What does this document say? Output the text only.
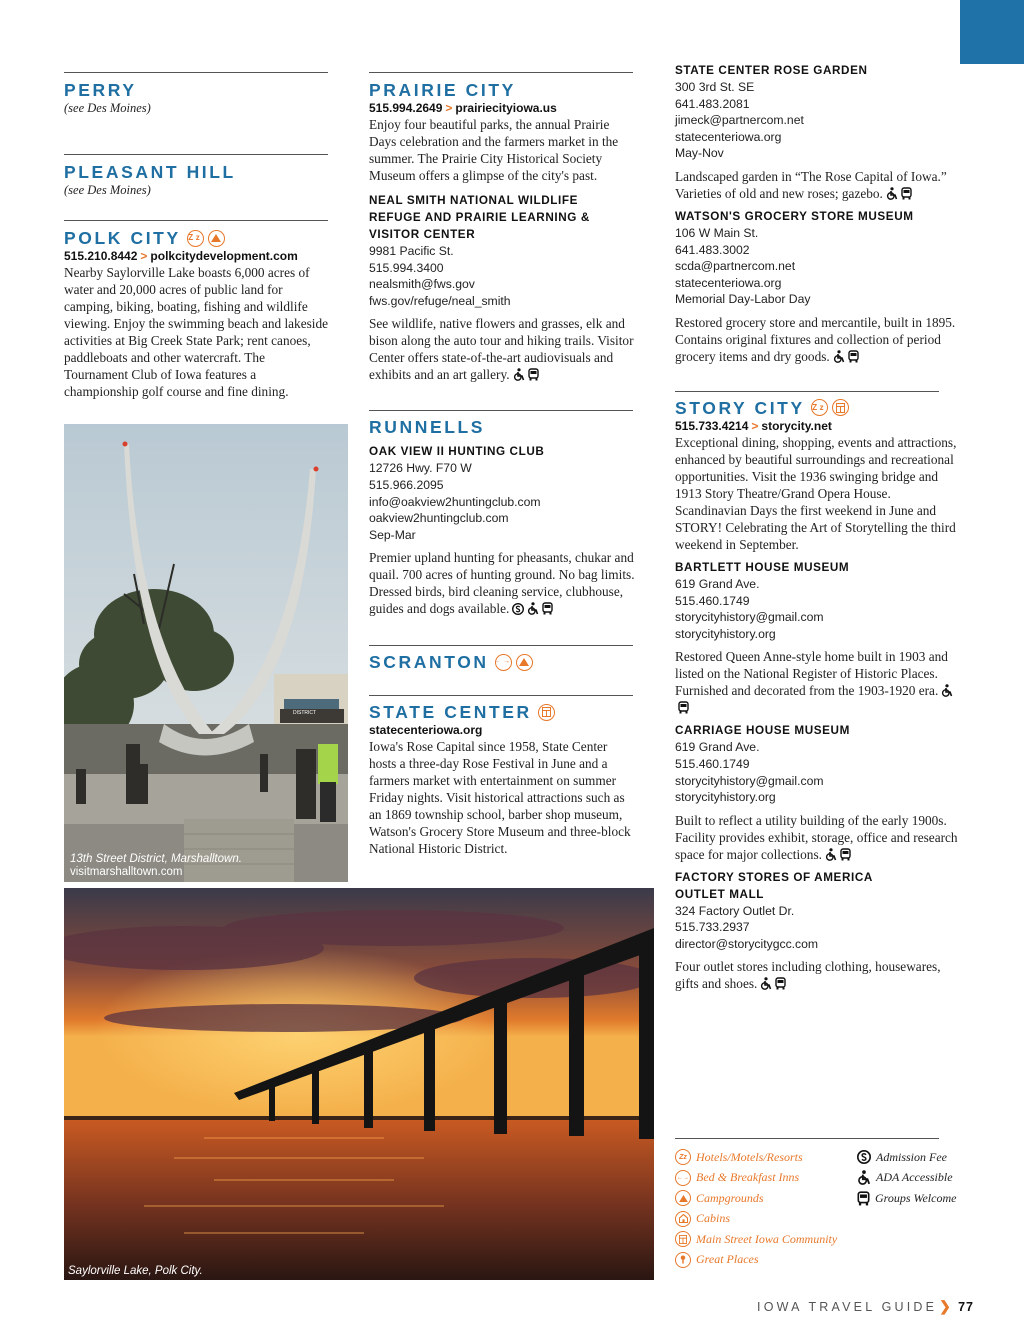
PERRY
(see Des Moines)
PLEASANT HILL
(see Des Moines)
POLK CITY Zz
515.210.8442 > polkcitydevelopment.com
Nearby Saylorville Lake boasts 6,000 acres of water and 20,000 acres of public land for camping, biking, boating, fishing and wildlife viewing. Enjoy the swimming beach and lakeside activities at Big Creek State Park; rent canoes, paddleboats and other watercraft. The Tournament Club of Iowa features a championship golf course and fine dining.
DISTRICT
13th Street District, Marshalltown.
visitmarshalltown.com
PRAIRIE CITY
515.994.2649 > prairiecityiowa.us
Enjoy four beautiful parks, the annual Prairie Days celebration and the farmers market in the summer. The Prairie City Historical Society Museum offers a glimpse of the city's past.
NEAL SMITH NATIONAL WILDLIFE
REFUGE AND PRAIRIE LEARNING &
VISITOR CENTER
9981 Pacific St.
515.994.3400
nealsmith@fws.gov
fws.gov/refuge/neal_smith
See wildlife, native flowers and grasses, elk and bison along the auto tour and hiking trails. Visitor Center offers state-of-the-art audiovisuals and exhibits and an art gallery.
RUNNELLS
OAK VIEW II HUNTING CLUB
12726 Hwy. F70 W
515.966.2095
info@oakview2huntingclub.com
oakview2huntingclub.com
Sep-Mar
Premier upland hunting for pheasants, chukar and quail. 700 acres of hunting ground. No bag limits. Dressed birds, bird cleaning service, clubhouse, guides and dogs available.
SCRANTON ←→
STATE CENTER
statecenteriowa.org
Iowa's Rose Capital since 1958, State Center hosts a three-day Rose Festival in June and a farmers market with entertainment on summer Friday nights. Visit historical attractions such as an 1869 township school, barber shop museum, Watson's Grocery Store Museum and three-block National Historic District.
STATE CENTER ROSE GARDEN
300 3rd St. SE
641.483.2081
jimeck@partnercom.net
statecenteriowa.org
May-Nov
Landscaped garden in “The Rose Capital of Iowa.” Varieties of old and new roses; gazebo.
WATSON'S GROCERY STORE MUSEUM
106 W Main St.
641.483.3002
scda@partnercom.net
statecenteriowa.org
Memorial Day-Labor Day
Restored grocery store and mercantile, built in 1895. Contains original fixtures and collection of period grocery items and dry goods.
STORY CITY Zz
515.733.4214 > storycity.net
Exceptional dining, shopping, events and attractions, enhanced by beautiful surroundings and recreational opportunities. Visit the 1936 swinging bridge and 1913 Story Theatre/Grand Opera House. Scandinavian Days the first weekend in June and STORY! Celebrating the Art of Storytelling the third weekend in September.
BARTLETT HOUSE MUSEUM
619 Grand Ave.
515.460.1749
storycityhistory@gmail.com
storycityhistory.org
Restored Queen Anne-style home built in 1903 and listed on the National Register of Historic Places. Furnished and decorated from the 1903-1920 era.
CARRIAGE HOUSE MUSEUM
619 Grand Ave.
515.460.1749
storycityhistory@gmail.com
storycityhistory.org
Built to reflect a utility building of the early 1900s. Facility provides exhibit, storage, office and research space for major collections.
FACTORY STORES OF AMERICA
OUTLET MALL
324 Factory Outlet Dr.
515.733.2937
director@storycitygcc.com
Four outlet stores including clothing, housewares, gifts and shoes.
Saylorville Lake, Polk City.
Zz Hotels/Motels/Resorts
←→ Bed & Breakfast Inns
Campgrounds
Cabins
Main Street Iowa Community
Great Places
Admission Fee
ADA Accessible
Groups Welcome
IOWA TRAVEL GUIDE ❯ 77
